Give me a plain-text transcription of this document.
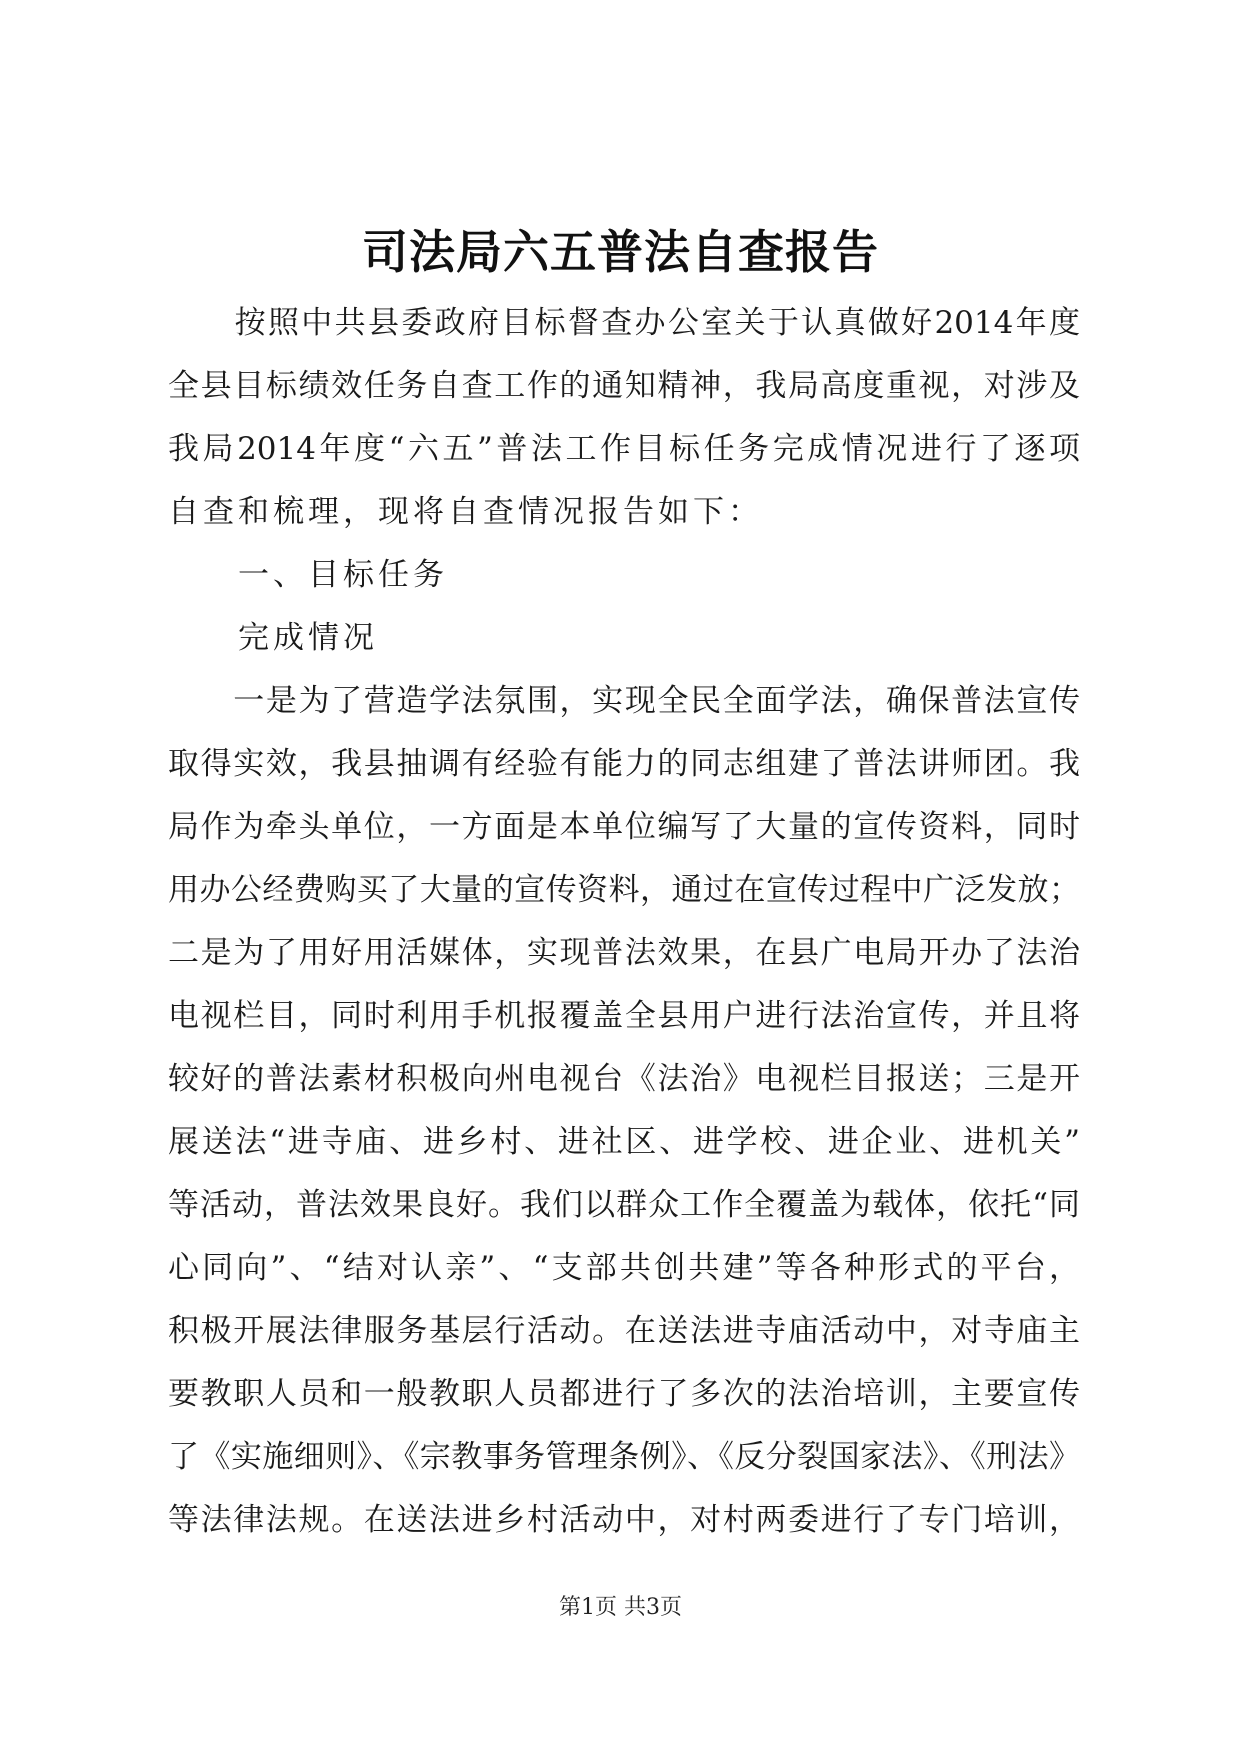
司法局六五普法自查报告
　　按照中共县委政府目标督查办公室关于认真做好2014年度
全县目标绩效任务自查工作的通知精神，我局高度重视，对涉及
我局2014年度“六五”普法工作目标任务完成情况进行了逐项
自查和梳理，现将自查情况报告如下：
　　一、目标任务
　　完成情况
　　一是为了营造学法氛围，实现全民全面学法，确保普法宣传
取得实效，我县抽调有经验有能力的同志组建了普法讲师团。我
局作为牵头单位，一方面是本单位编写了大量的宣传资料，同时
用办公经费购买了大量的宣传资料，通过在宣传过程中广泛发放；
二是为了用好用活媒体，实现普法效果，在县广电局开办了法治
电视栏目，同时利用手机报覆盖全县用户进行法治宣传，并且将
较好的普法素材积极向州电视台《法治》电视栏目报送；三是开
展送法“进寺庙、进乡村、进社区、进学校、进企业、进机关”
等活动，普法效果良好。我们以群众工作全覆盖为载体，依托“同
心同向”、“结对认亲”、“支部共创共建”等各种形式的平台，
积极开展法律服务基层行活动。在送法进寺庙活动中，对寺庙主
要教职人员和一般教职人员都进行了多次的法治培训，主要宣传
了《实施细则》、《宗教事务管理条例》、《反分裂国家法》、《刑法》
等法律法规。在送法进乡村活动中，对村两委进行了专门培训，
第1页 共3页
